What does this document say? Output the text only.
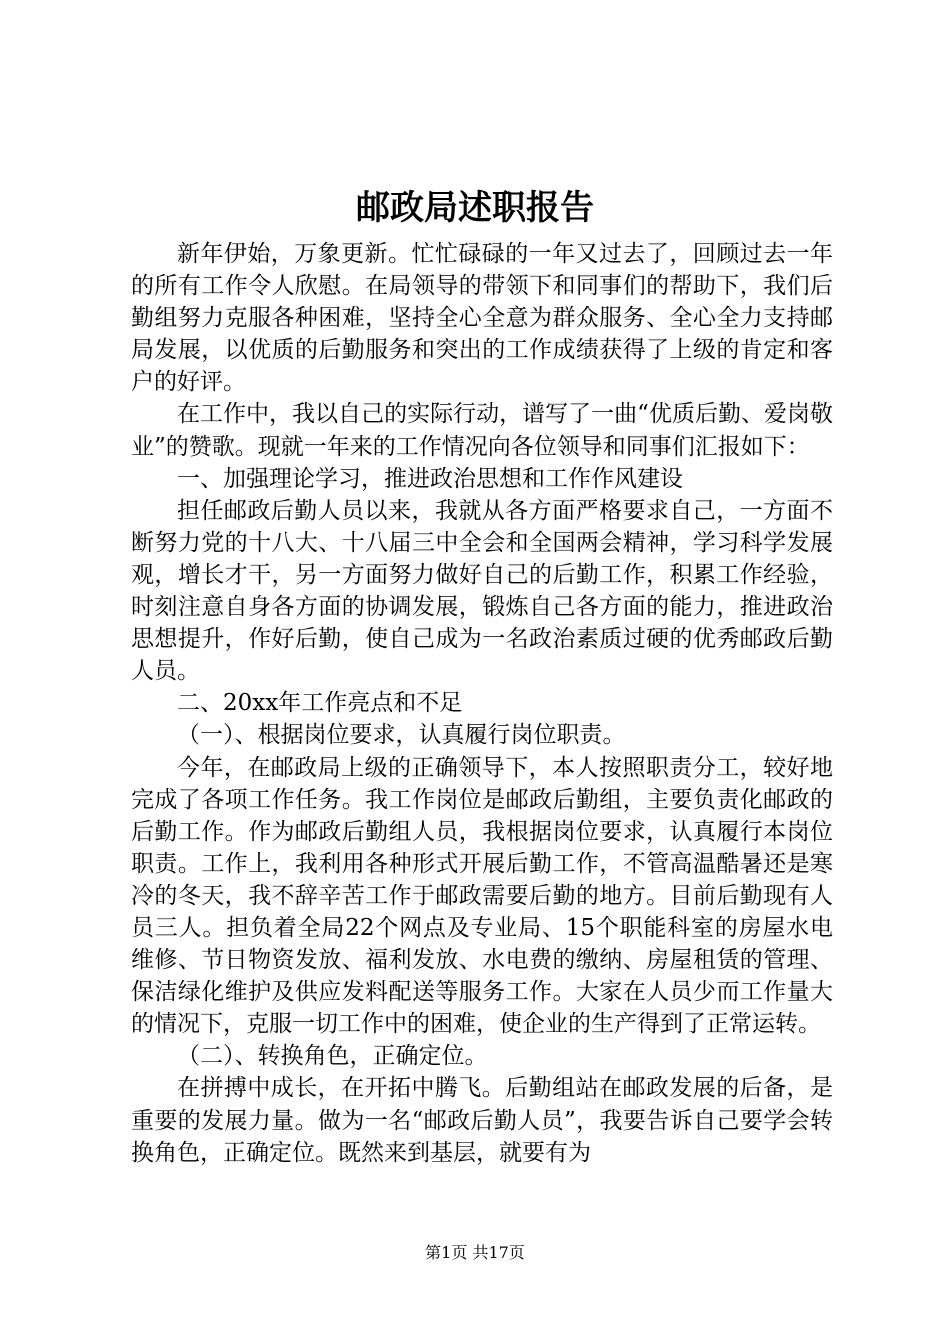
邮政局述职报告

新年伊始，万象更新。忙忙碌碌的一年又过去了，回顾过去一年的所有工作令人欣慰。在局领导的带领下和同事们的帮助下，我们后勤组努力克服各种困难，坚持全心全意为群众服务、全心全力支持邮局发展，以优质的后勤服务和突出的工作成绩获得了上级的肯定和客户的好评。

在工作中，我以自己的实际行动，谱写了一曲“优质后勤、爱岗敬业”的赞歌。现就一年来的工作情况向各位领导和同事们汇报如下：

一、加强理论学习，推进政治思想和工作作风建设

担任邮政后勤人员以来，我就从各方面严格要求自己，一方面不断努力党的十八大、十八届三中全会和全国两会精神，学习科学发展观，增长才干，另一方面努力做好自己的后勤工作，积累工作经验，时刻注意自身各方面的协调发展，锻炼自己各方面的能力，推进政治思想提升，作好后勤，使自己成为一名政治素质过硬的优秀邮政后勤人员。

二、20xx年工作亮点和不足

（一）、根据岗位要求，认真履行岗位职责。

今年，在邮政局上级的正确领导下，本人按照职责分工，较好地完成了各项工作任务。我工作岗位是邮政后勤组，主要负责化邮政的后勤工作。作为邮政后勤组人员，我根据岗位要求，认真履行本岗位职责。工作上，我利用各种形式开展后勤工作，不管高温酷暑还是寒冷的冬天，我不辞辛苦工作于邮政需要后勤的地方。目前后勤现有人员三人。担负着全局22个网点及专业局、15个职能科室的房屋水电维修、节日物资发放、福利发放、水电费的缴纳、房屋租赁的管理、保洁绿化维护及供应发料配送等服务工作。大家在人员少而工作量大的情况下，克服一切工作中的困难，使企业的生产得到了正常运转。

（二）、转换角色，正确定位。

在拼搏中成长，在开拓中腾飞。后勤组站在邮政发展的后备，是重要的发展力量。做为一名“邮政后勤人员”，我要告诉自己要学会转换角色，正确定位。既然来到基层，就要有为

第1页 共17页
